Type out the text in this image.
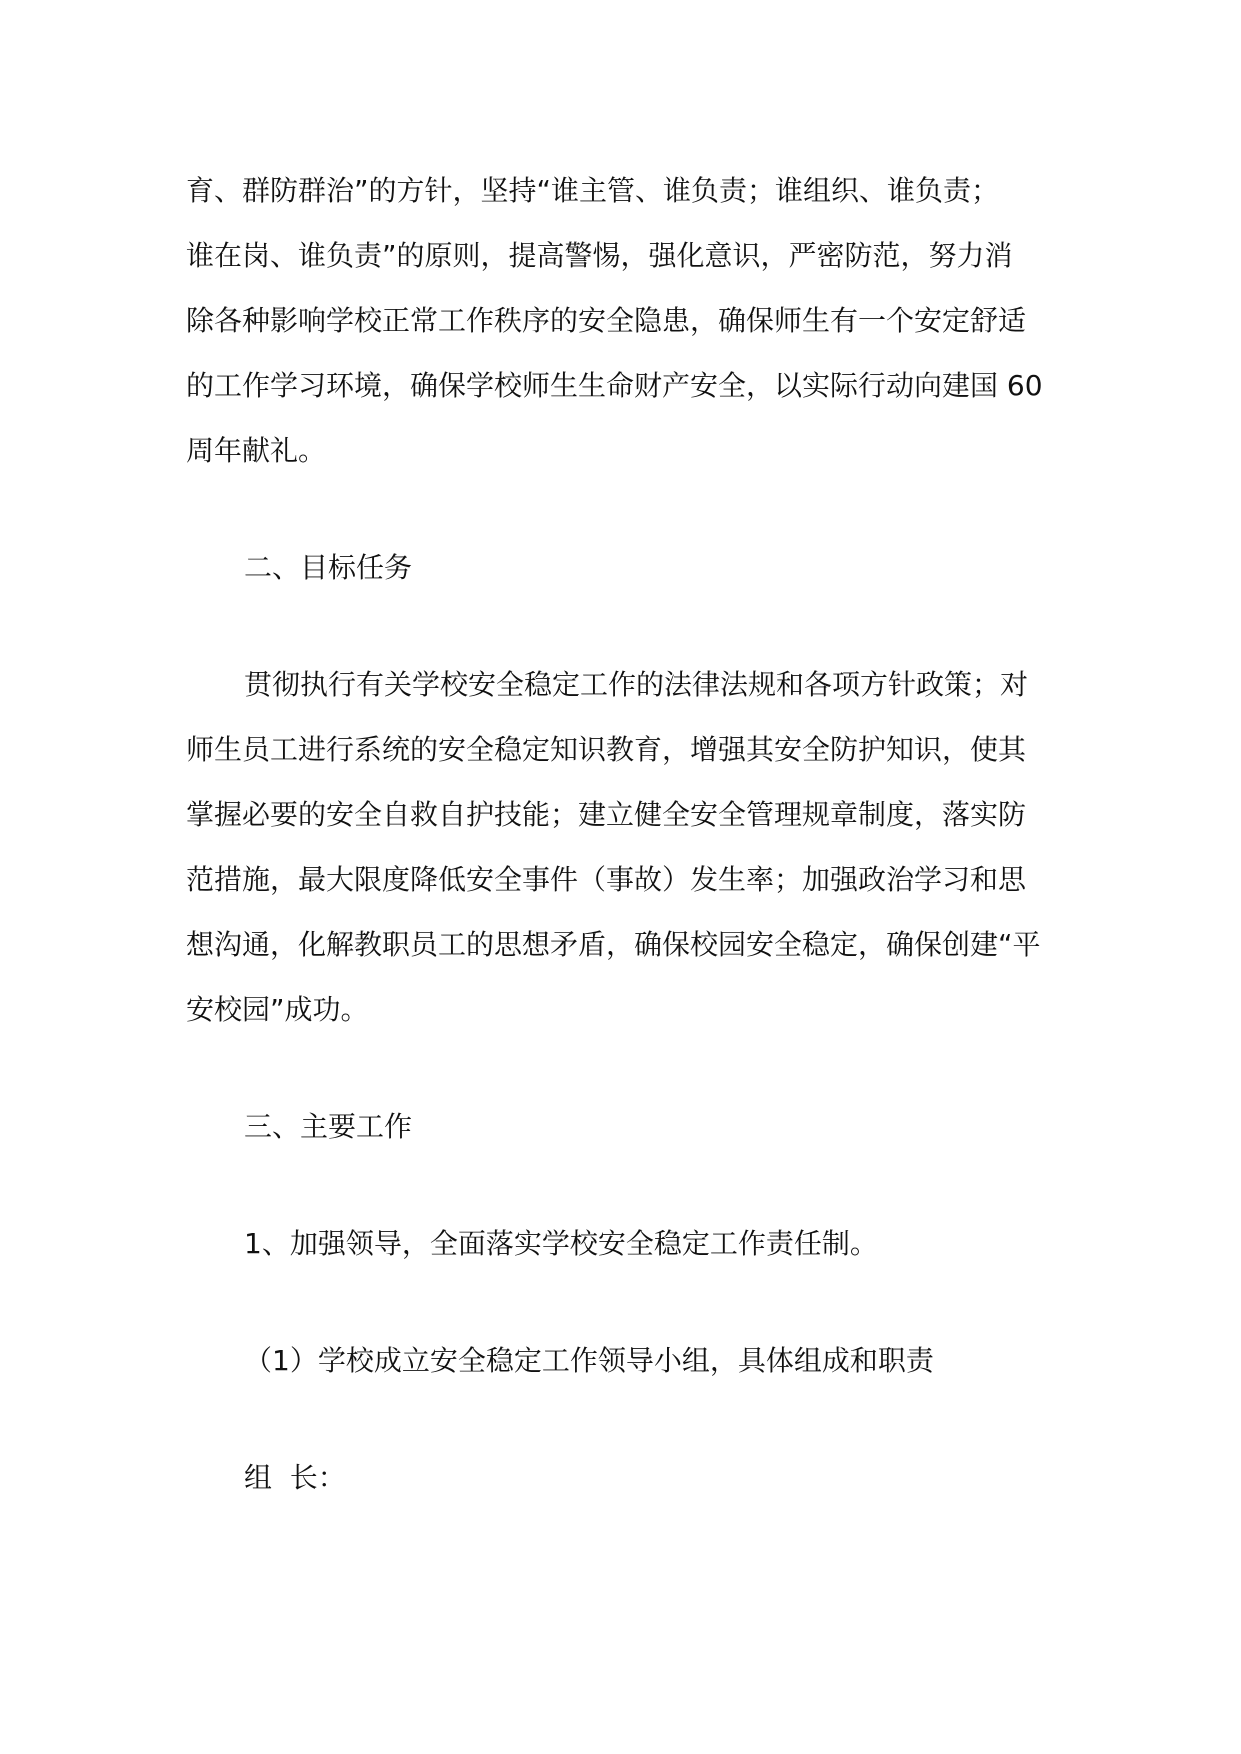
育、群防群治”的方针，坚持“谁主管、谁负责；谁组织、谁负责；
谁在岗、谁负责”的原则，提高警惕，强化意识，严密防范，努力消
除各种影响学校正常工作秩序的安全隐患，确保师生有一个安定舒适
的工作学习环境，确保学校师生生命财产安全，以实际行动向建国 60
周年献礼。
二、目标任务
贯彻执行有关学校安全稳定工作的法律法规和各项方针政策；对
师生员工进行系统的安全稳定知识教育，增强其安全防护知识，使其
掌握必要的安全自救自护技能；建立健全安全管理规章制度，落实防
范措施，最大限度降低安全事件（事故）发生率；加强政治学习和思
想沟通，化解教职员工的思想矛盾，确保校园安全稳定，确保创建“平
安校园”成功。
三、主要工作
1、加强领导，全面落实学校安全稳定工作责任制。
（1）学校成立安全稳定工作领导小组，具体组成和职责
组  长：
